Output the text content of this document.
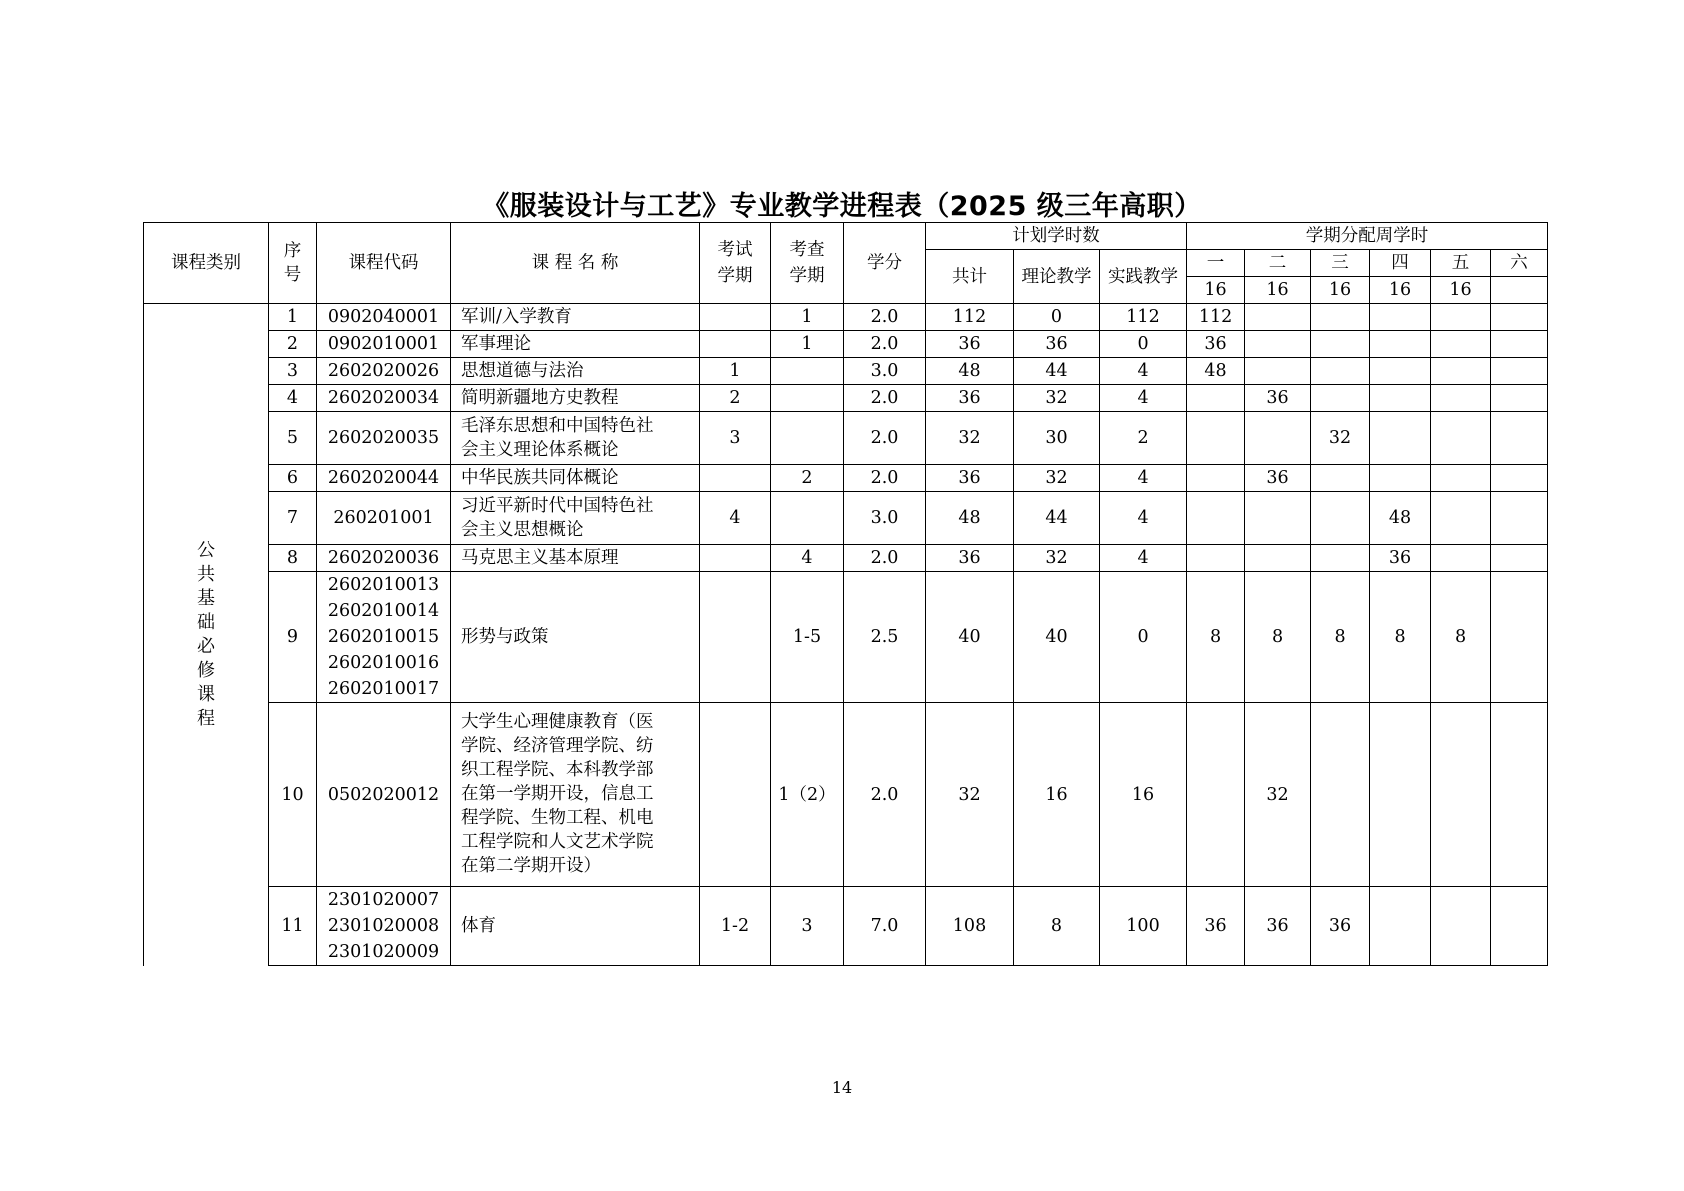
《服装设计与工艺》专业教学进程表（2025 级三年高职）
课程类别	序号	课程代码	课 程 名 称	考试学期	考查学期	学分	计划学时数			学期分配周学时					
							共计	理论教学	实践教学	一	二	三	四	五	六
										16	16	16	16	16	
公共基础必修课程	1	0902040001	军训/入学教育		1	2.0	112	0	112	112					
	2	0902010001	军事理论		1	2.0	36	36	0	36					
	3	2602020026	思想道德与法治	1		3.0	48	44	4	48					
	4	2602020034	简明新疆地方史教程	2		2.0	36	32	4		36				
	5	2602020035	毛泽东思想和中国特色社会主义理论体系概论	3		2.0	32	30	2			32			
	6	2602020044	中华民族共同体概论		2	2.0	36	32	4		36				
	7	260201001	习近平新时代中国特色社会主义思想概论	4		3.0	48	44	4				48		
	8	2602020036	马克思主义基本原理		4	2.0	36	32	4				36		
	9	2602010013
2602010014
2602010015
2602010016
2602010017	形势与政策		1-5	2.5	40	40	0	8	8	8	8	8	
	10	0502020012	大学生心理健康教育（医学院、经济管理学院、纺织工程学院、本科教学部在第一学期开设，信息工程学院、生物工程、机电工程学院和人文艺术学院在第二学期开设）		1（2）	2.0	32	16	16		32				
	11	2301020007
2301020008
2301020009	体育	1-2	3	7.0	108	8	100	36	36	36			
14
